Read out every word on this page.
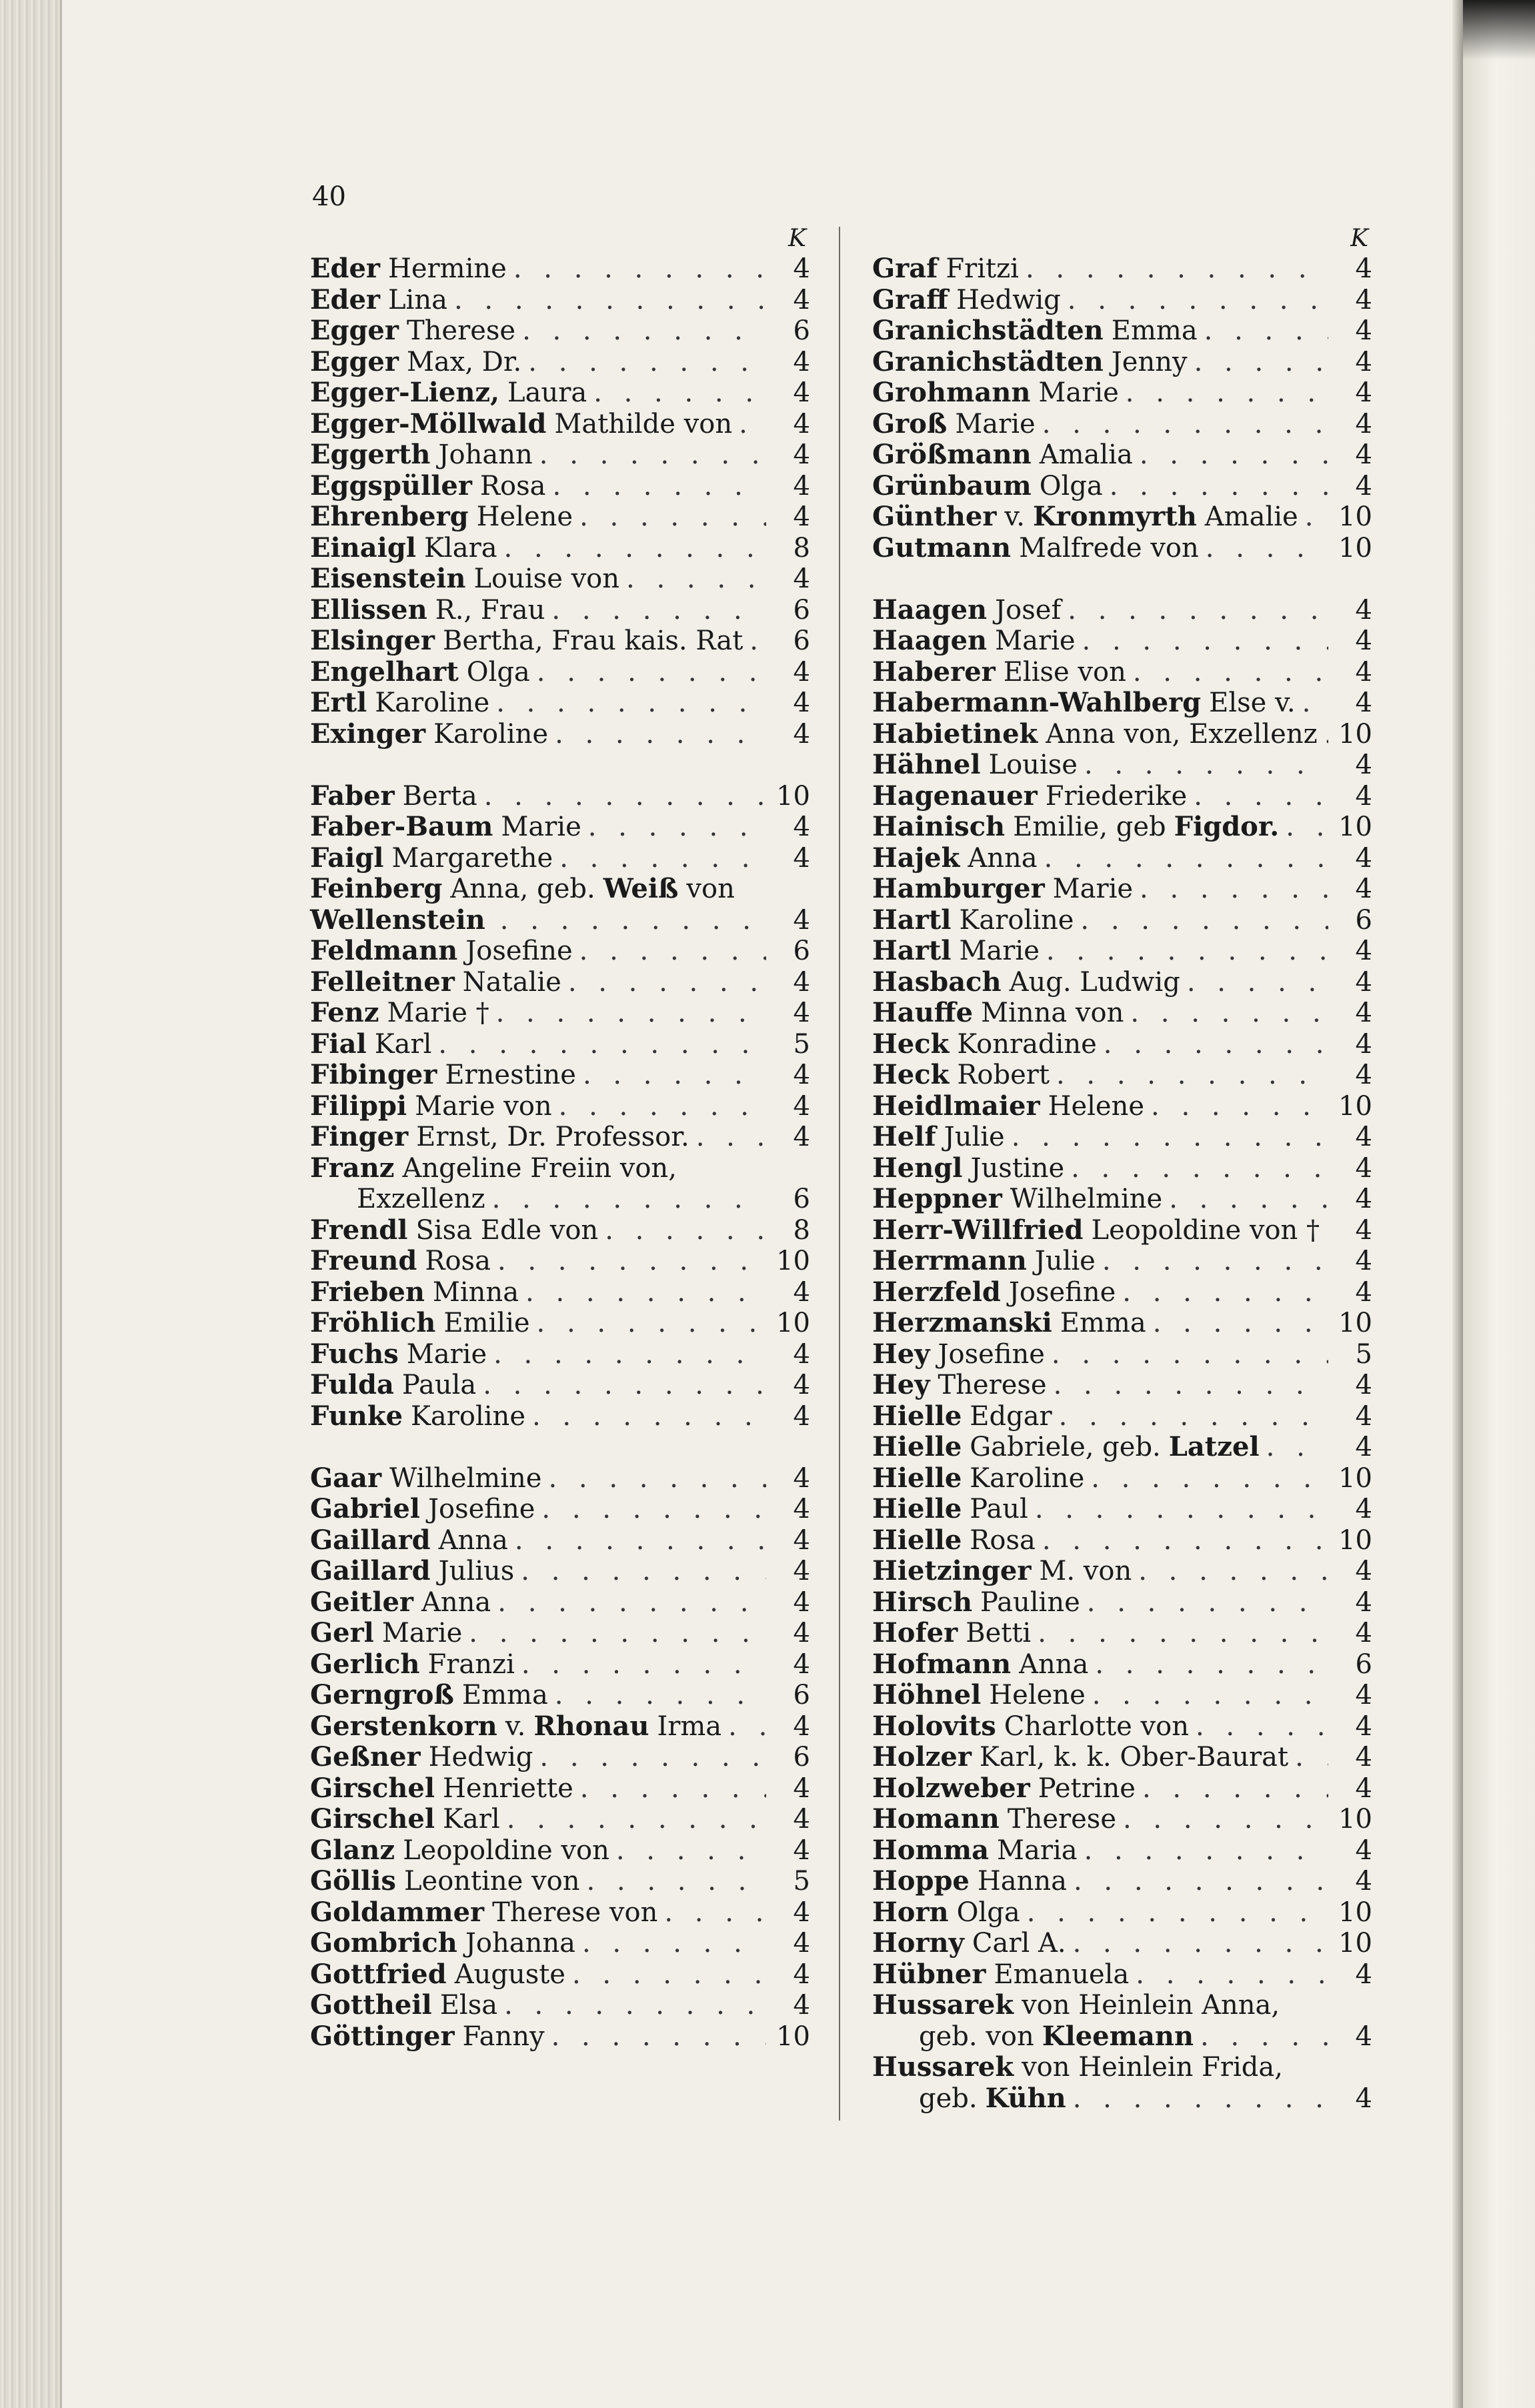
40
K
Eder Hermine . . .	4
Eder Lina . . .	4
Egger Therese . . .	6
Egger Max, Dr. . . .	4
Egger-Lienz, Laura . . .	4
Egger-Möllwald Mathilde von . . .	4
Eggerth Johann . . .	4
Eggspüller Rosa . . .	4
Ehrenberg Helene . . .	4
Einaigl Klara . . .	8
Eisenstein Louise von . . .	4
Ellissen R., Frau . . .	6
Elsinger Bertha, Frau kais. Rat . . .	6
Engelhart Olga . . .	4
Ertl Karoline . . .	4
Exinger Karoline . . .	4
Faber Berta . . .	10
Faber-Baum Marie . . .	4
Faigl Margarethe . . .	4
Feinberg Anna, geb. Weiß von
Wellenstein . . .	4
Feldmann Josefine . . .	6
Felleitner Natalie . . .	4
Fenz Marie † . . .	4
Fial Karl . . .	5
Fibinger Ernestine . . .	4
Filippi Marie von . . .	4
Finger Ernst, Dr. Professor. . . .	4
Franz Angeline Freiin von,
Exzellenz . . .	6
Frendl Sisa Edle von . . .	8
Freund Rosa . . .	10
Frieben Minna . . .	4
Fröhlich Emilie . . .	10
Fuchs Marie . . .	4
Fulda Paula . . .	4
Funke Karoline . . .	4
Gaar Wilhelmine . . .	4
Gabriel Josefine . . .	4
Gaillard Anna . . .	4
Gaillard Julius . . .	4
Geitler Anna . . .	4
Gerl Marie . . .	4
Gerlich Franzi . . .	4
Gerngroß Emma . . .	6
Gerstenkorn v. Rhonau Irma . . .	4
Geßner Hedwig . . .	6
Girschel Henriette . . .	4
Girschel Karl . . .	4
Glanz Leopoldine von . . .	4
Göllis Leontine von . . .	5
Goldammer Therese von . . .	4
Gombrich Johanna . . .	4
Gottfried Auguste . . .	4
Gottheil Elsa . . .	4
Göttinger Fanny . . .	10
K
Graf Fritzi . . .	4
Graff Hedwig . . .	4
Granichstädten Emma . . .	4
Granichstädten Jenny . . .	4
Grohmann Marie . . .	4
Groß Marie . . .	4
Größmann Amalia . . .	4
Grünbaum Olga . . .	4
Günther v. Kronmyrth Amalie . . . 10
Gutmann Malfrede von . . .	10
Haagen Josef . . .	4
Haagen Marie . . .	4
Haberer Elise von . . .	4
Habermann-Wahlberg Else v. . . .	4
Habietinek Anna von, Exzellenz . . . 10
Hähnel Louise . . .	4
Hagenauer Friederike . . .	4
Hainisch Emilie, geb Figdor. . . . 10
Hajek Anna . . .	4
Hamburger Marie . . .	4
Hartl Karoline . . .	6
Hartl Marie . . .	4
Hasbach Aug. Ludwig . . .	4
Hauffe Minna von . . .	4
Heck Konradine . . .	4
Heck Robert . . .	4
Heidlmaier Helene . . .	10
Helf Julie . . .	4
Hengl Justine . . .	4
Heppner Wilhelmine . . .	4
Herr-Willfried Leopoldine von † . . .	4
Herrmann Julie . . .	4
Herzfeld Josefine . . .	4
Herzmanski Emma . . .	10
Hey Josefine . . .	5
Hey Therese . . .	4
Hielle Edgar . . .	4
Hielle Gabriele, geb. Latzel . . .	4
Hielle Karoline . . .	10
Hielle Paul . . .	4
Hielle Rosa . . .	10
Hietzinger M. von . . .	4
Hirsch Pauline . . .	4
Hofer Betti . . .	4
Hofmann Anna . . .	6
Höhnel Helene . . .	4
Holovits Charlotte von . . .	4
Holzer Karl, k. k. Ober-Baurat . . .	4
Holzweber Petrine . . .	4
Homann Therese . . .	10
Homma Maria . . .	4
Hoppe Hanna . . .	4
Horn Olga . . .	10
Horny Carl A. . . .	10
Hübner Emanuela . . .	4
Hussarek von Heinlein Anna,
geb. von Kleemann . . .	4
Hussarek von Heinlein Frida,
geb. Kühn . . .	4
